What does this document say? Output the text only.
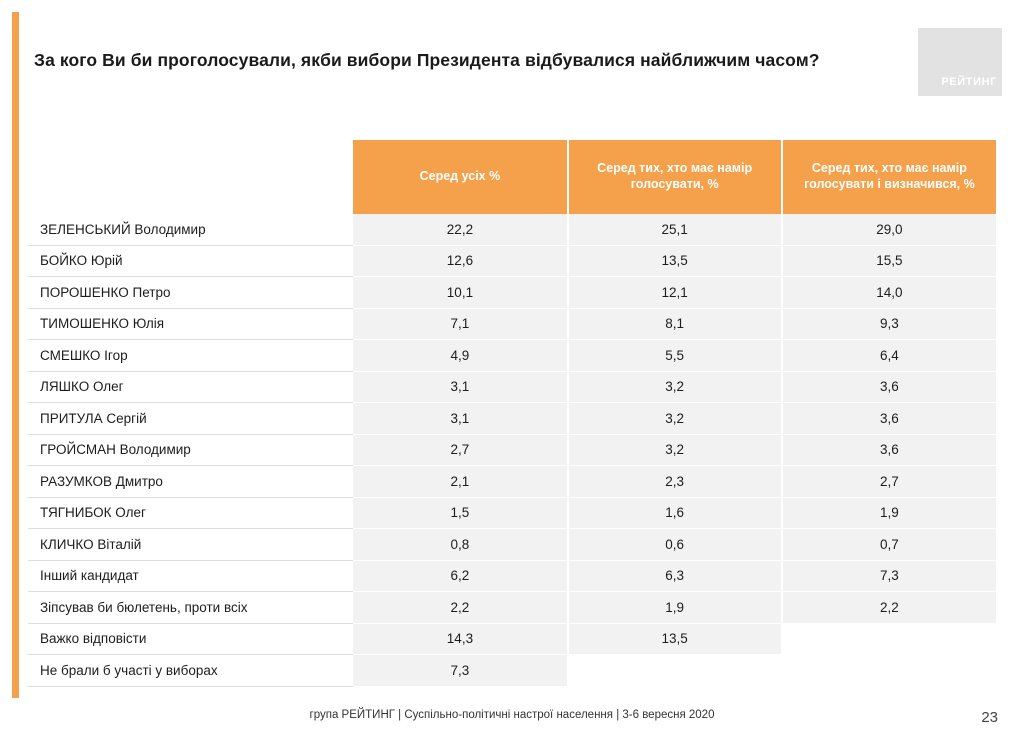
За кого Ви би проголосували, якби вибори Президента відбувалися найближчим часом?
РЕЙТИНГ
	Серед усіх %	Серед тих, хто має намір голосувати, %	Серед тих, хто має намір голосувати і визначився, %
ЗЕЛЕНСЬКИЙ Володимир	22,2	25,1	29,0
БОЙКО Юрій	12,6	13,5	15,5
ПОРОШЕНКО Петро	10,1	12,1	14,0
ТИМОШЕНКО Юлія	7,1	8,1	9,3
СМЕШКО Ігор	4,9	5,5	6,4
ЛЯШКО Олег	3,1	3,2	3,6
ПРИТУЛА Сергій	3,1	3,2	3,6
ГРОЙСМАН Володимир	2,7	3,2	3,6
РАЗУМКОВ Дмитро	2,1	2,3	2,7
ТЯГНИБОК Олег	1,5	1,6	1,9
КЛИЧКО Віталій	0,8	0,6	0,7
Інший кандидат	6,2	6,3	7,3
Зіпсував би бюлетень, проти всіх	2,2	1,9	2,2
Важко відповісти	14,3	13,5	
Не брали б участі у виборах	7,3		
група РЕЙТИНГ | Суспільно-політичні настрої населення | 3-6 вересня 2020	23
